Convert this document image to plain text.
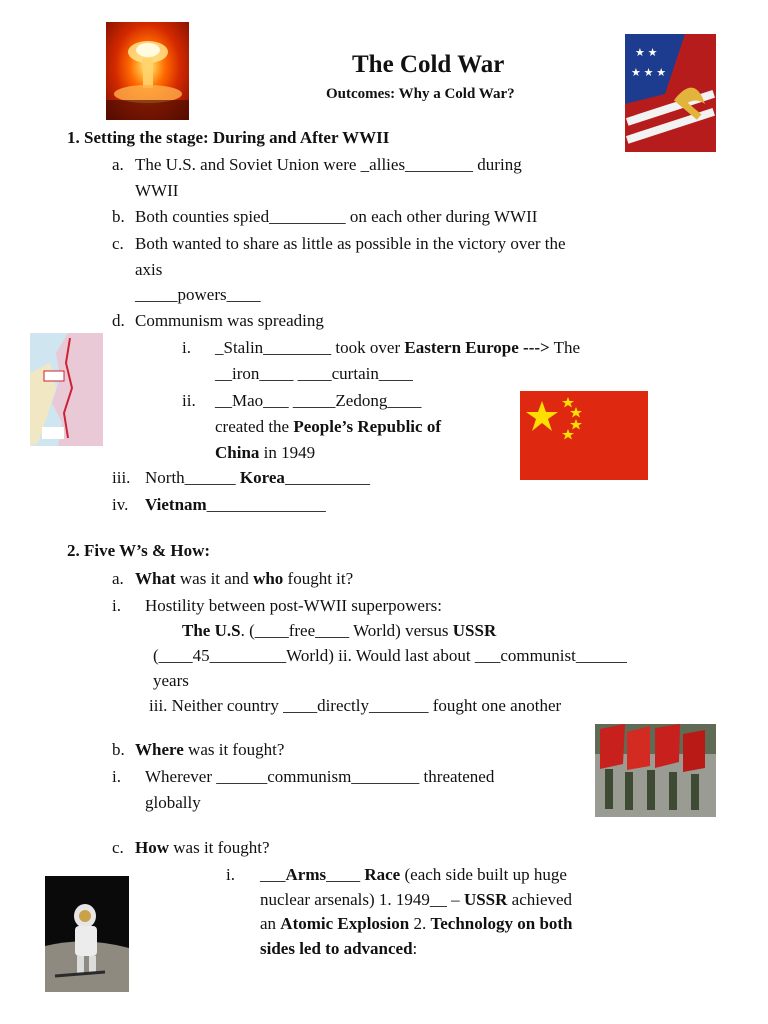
The Cold War
Outcomes: Why a Cold War?
★ ★
★ ★ ★
1. Setting the stage: During and After WWII
a. The U.S. and Soviet Union were _allies________ during
WWII
b. Both counties spied_________ on each other during WWII
c. Both wanted to share as little as possible in the victory over the
axis
_____powers____
d. Communism was spreading
i. _Stalin________ took over Eastern Europe ---> The
__iron____ ____curtain____
ii. __Mao___ _____Zedong____
created the People’s Republic of
China in 1949
iii. North______ Korea__________
iv. Vietnam______________
2. Five W’s & How:
a. What was it and who fought it?
i. Hostility between post-WWII superpowers:
The U.S. (____free____ World) versus USSR
(____45_________World) ii. Would last about ___communist______
years
iii. Neither country ____directly_______ fought one another
b. Where was it fought?
i. Wherever ______communism________ threatened
globally
c. How was it fought?
i. ___Arms____ Race (each side built up huge
nuclear arsenals) 1. 1949__ – USSR achieved
an Atomic Explosion 2. Technology on both
sides led to advanced:
